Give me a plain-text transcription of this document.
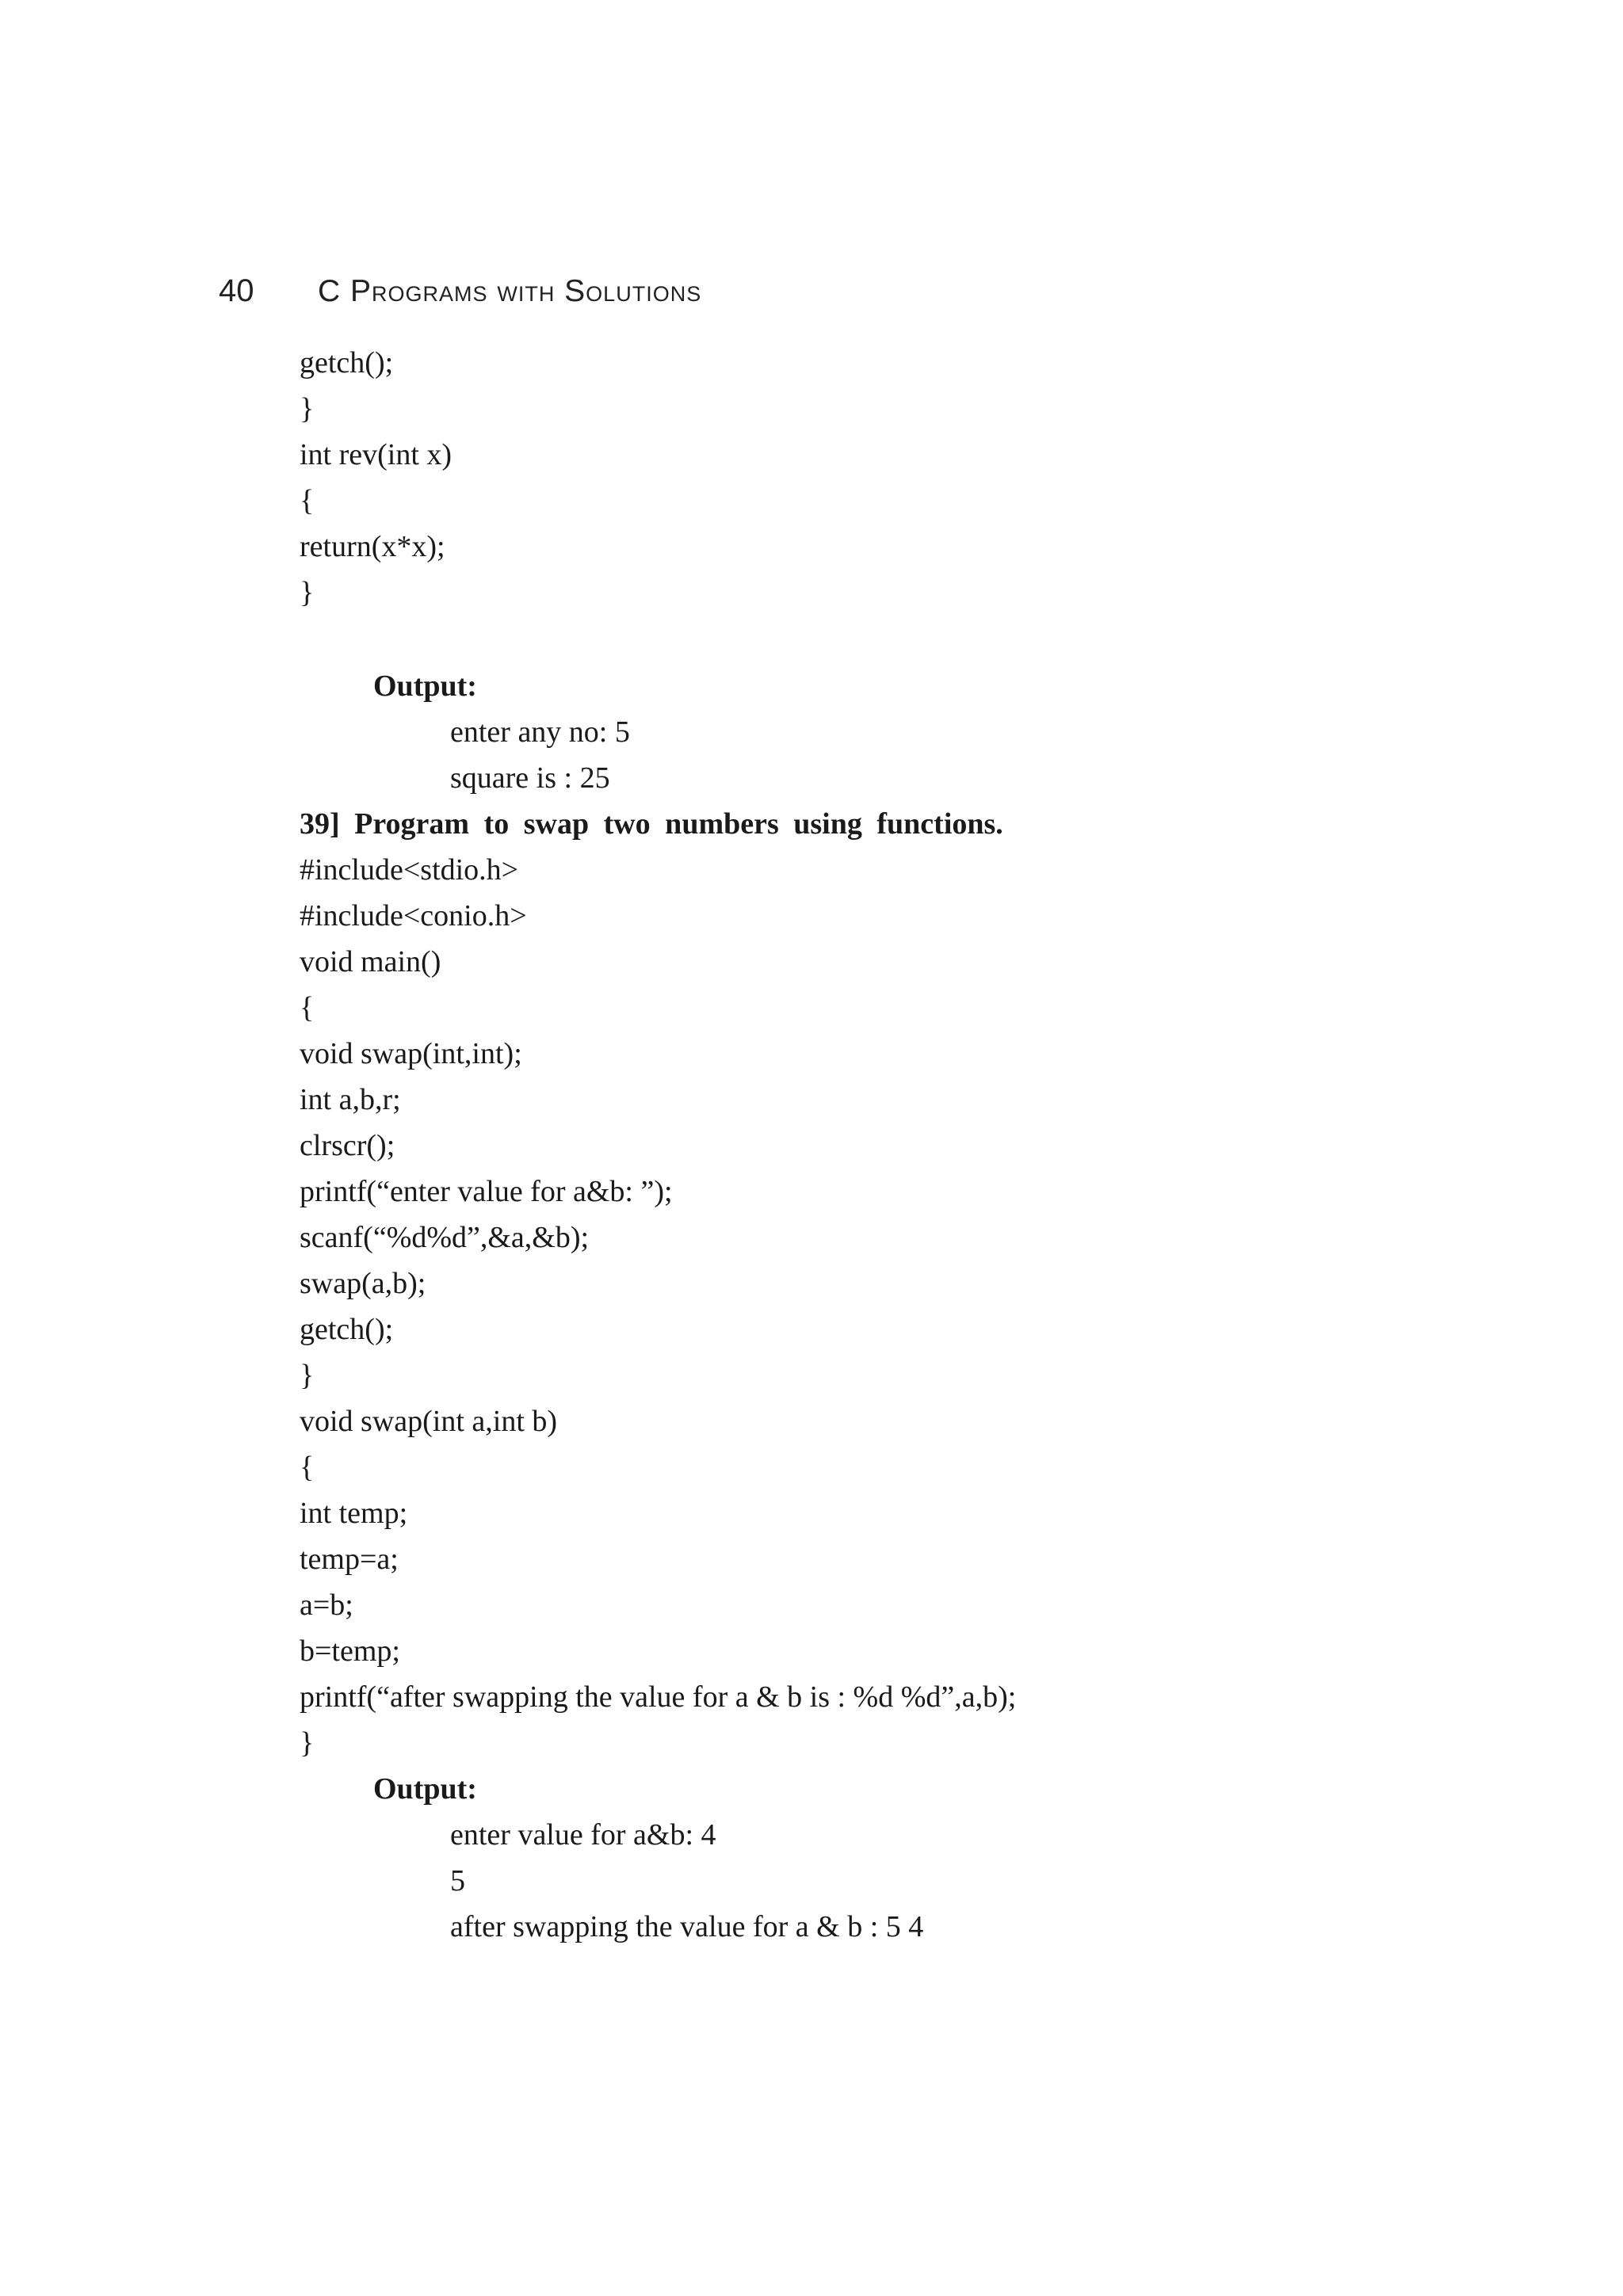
40	C Programs with Solutions
getch();
}
int rev(int x)
{
return(x*x);
}
Output:
enter any no: 5
square is : 25
39] Program to swap two numbers using functions.
#include<stdio.h>
#include<conio.h>
void main()
{
void swap(int,int);
int a,b,r;
clrscr();
printf(“enter value for a&b: ”);
scanf(“%d%d”,&a,&b);
swap(a,b);
getch();
}
void swap(int a,int b)
{
int temp;
temp=a;
a=b;
b=temp;
printf(“after swapping the value for a & b is : %d %d”,a,b);
}
Output:
enter value for a&b: 4
5
after swapping the value for a & b : 5 4
